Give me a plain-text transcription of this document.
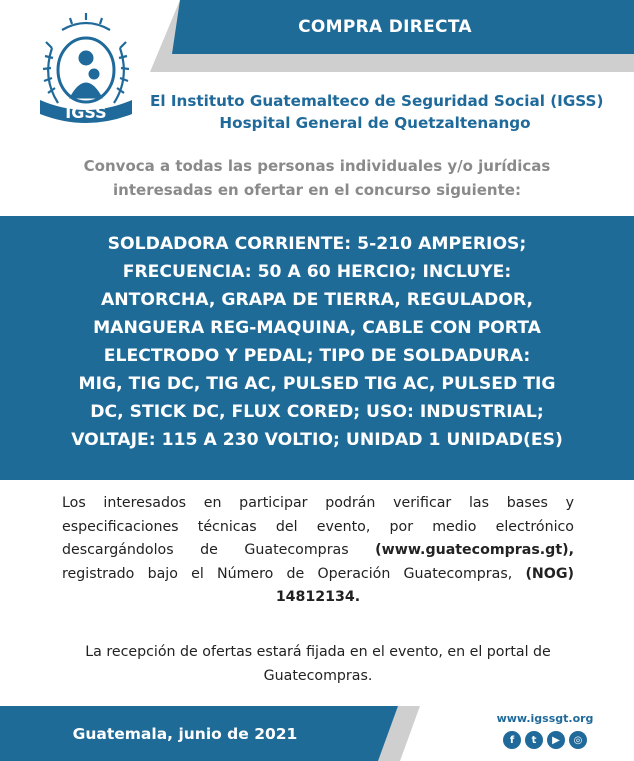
COMPRA DIRECTA
IGSS
El Instituto Guatemalteco de Seguridad Social (IGSS)
Hospital General de Quetzaltenango
Convoca a todas las personas individuales y/o jurídicas
interesadas en ofertar en el concurso siguiente:
SOLDADORA CORRIENTE: 5-210 AMPERIOS;
FRECUENCIA: 50 A 60 HERCIO; INCLUYE:
ANTORCHA, GRAPA DE TIERRA, REGULADOR,
MANGUERA REG-MAQUINA, CABLE CON PORTA
ELECTRODO Y PEDAL; TIPO DE SOLDADURA:
MIG, TIG DC, TIG AC, PULSED TIG AC, PULSED TIG
DC, STICK DC, FLUX CORED; USO: INDUSTRIAL;
VOLTAJE: 115 A 230 VOLTIO; UNIDAD 1 UNIDAD(ES)
Los interesados en participar podrán verificar las bases y especificaciones técnicas del evento, por medio electrónico descargándolos de Guatecompras (www.guatecompras.gt), registrado bajo el Número de Operación Guatecompras, (NOG) 14812134.
La recepción de ofertas estará fijada en el evento, en el portal de Guatecompras.
Guatemala, junio de 2021
www.igssgt.org
f	t	▶	◎
